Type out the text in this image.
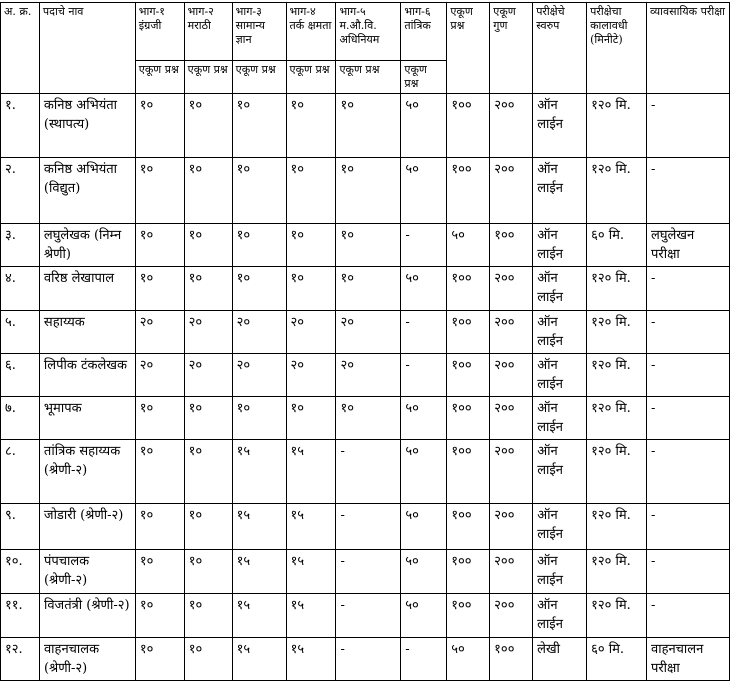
अ. क्र.	पदाचे नाव	भाग-१ इंग्रजी	भाग-२ मराठी	भाग-३ सामान्य ज्ञान	भाग-४ तर्क क्षमता	भाग-५ म.औ.वि. अधिनियम	भाग-६ तांत्रिक	एकूण प्रश्न	एकूण गुण	परीक्षेचे स्वरुप	परीक्षेचा कालावधी (मिनीटे)	व्यावसायिक परीक्षा
		एकूण प्रश्न	एकूण प्रश्न	एकूण प्रश्न	एकूण प्रश्न	एकूण प्रश्न	एकूण प्रश्न					
१.	कनिष्ठ अभियंता (स्थापत्य)	१०	१०	१०	१०	१०	५०	१००	२००	ऑन लाईन	१२० मि.	-
२.	कनिष्ठ अभियंता (विद्युत)	१०	१०	१०	१०	१०	५०	१००	२००	ऑन लाईन	१२० मि.	-
३.	लघुलेखक (निम्न श्रेणी)	१०	१०	१०	१०	१०	-	५०	१००	ऑन लाईन	६० मि.	लघुलेखन परीक्षा
४.	वरिष्ठ लेखापाल	१०	१०	१०	१०	१०	५०	१००	२००	ऑन लाईन	१२० मि.	-
५.	सहाय्यक	२०	२०	२०	२०	२०	-	१००	२००	ऑन लाईन	१२० मि.	-
६.	लिपीक टंकलेखक	२०	२०	२०	२०	२०	-	१००	२००	ऑन लाईन	१२० मि.	-
७.	भूमापक	१०	१०	१०	१०	१०	५०	१००	२००	ऑन लाईन	१२० मि.	-
८.	तांत्रिक सहाय्यक (श्रेणी-२)	१०	१०	१५	१५	-	५०	१००	२००	ऑन लाईन	१२० मि.	-
९.	जोडारी (श्रेणी-२)	१०	१०	१५	१५	-	५०	१००	२००	ऑन लाईन	१२० मि.	-
१०.	पंपचालक (श्रेणी-२)	१०	१०	१५	१५	-	५०	१००	२००	ऑन लाईन	१२० मि.	-
११.	विजतंत्री (श्रेणी-२)	१०	१०	१५	१५	-	५०	१००	२००	ऑन लाईन	१२० मि.	-
१२.	वाहनचालक (श्रेणी-२)	१०	१०	१५	१५	-	-	५०	१००	लेखी	६० मि.	वाहनचालन परीक्षा
